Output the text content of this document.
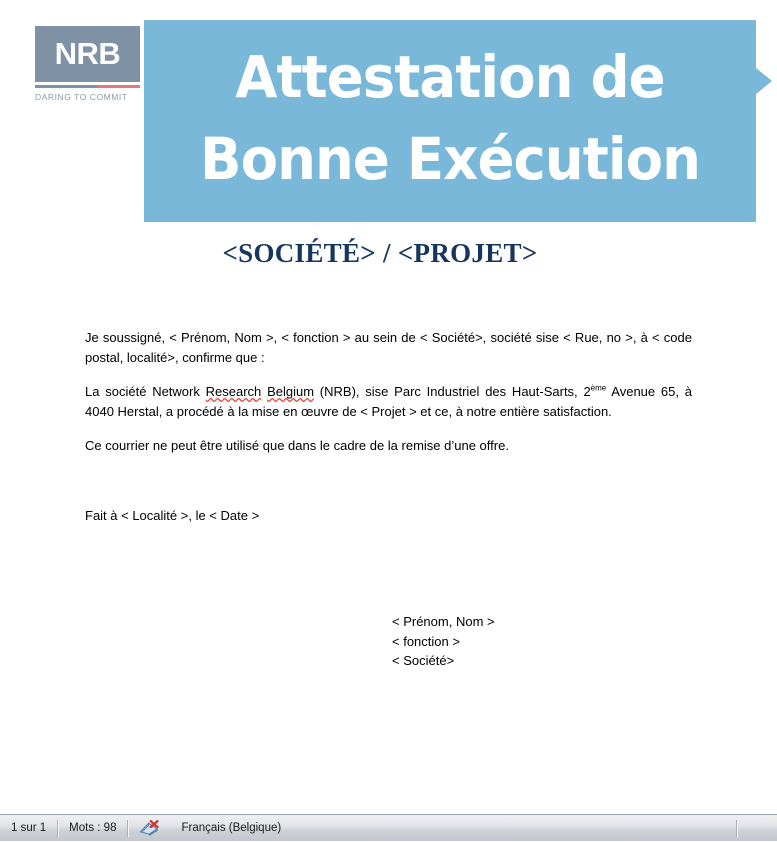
NRB
DARING TO COMMIT	Attestation de
Bonne Exécution
<SOCIÉTÉ> / <PROJET>

Je soussigné, < Prénom, Nom >, < fonction > au sein de < Société>, société sise < Rue, no >, à < code postal, localité>, confirme que :

La société Network Research Belgium (NRB), sise Parc Industriel des Haut-Sarts, 2ème Avenue 65, à 4040 Herstal, a procédé à la mise en œuvre de < Projet > et ce, à notre entière satisfaction.

Ce courrier ne peut être utilisé que dans le cadre de la remise d’une offre.

Fait à < Localité >, le < Date >

< Prénom, Nom >
< fonction >
< Société>
1 sur 1	Mots : 98	Français (Belgique)
